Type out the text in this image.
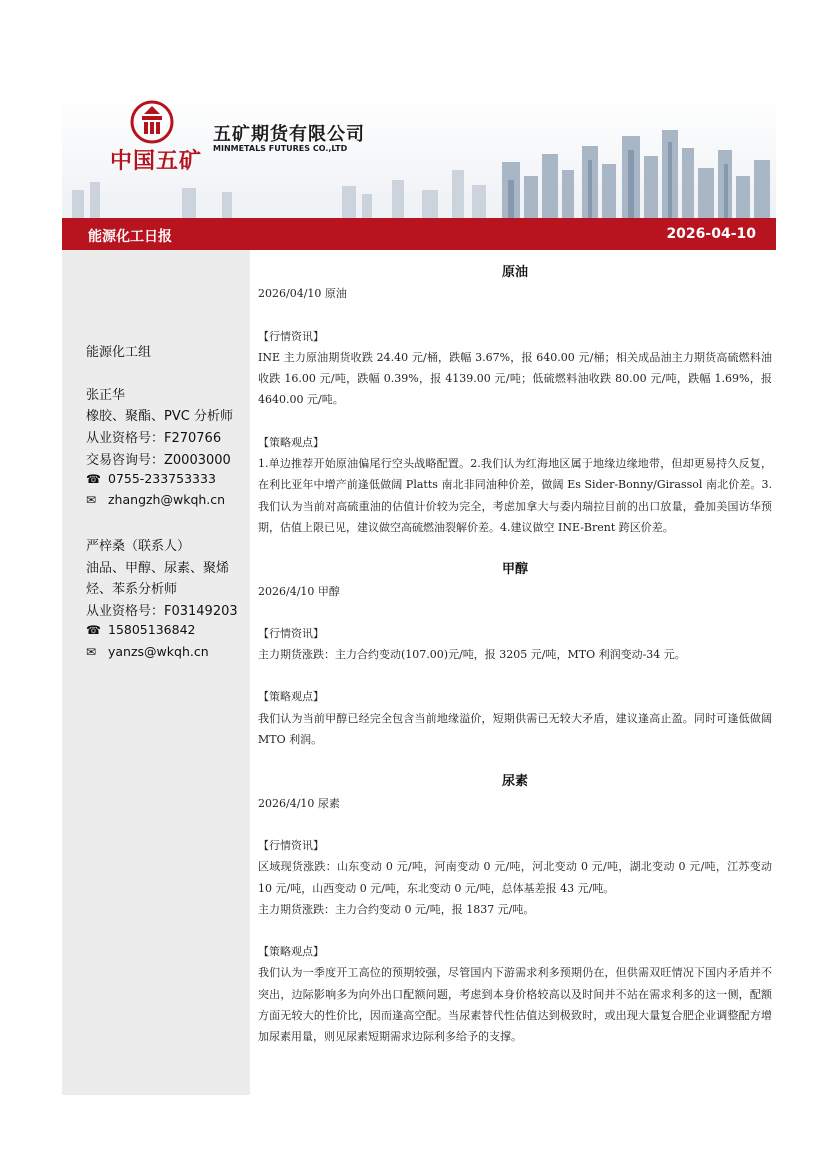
中国五矿
五矿期货有限公司
MINMETALS FUTURES CO.,LTD
能源化工日报	2026-04-10
能源化工组
张正华
橡胶、聚酯、PVC 分析师
从业资格号：F270766
交易咨询号：Z0003000
☎ 0755-233753333
✉ zhangzh@wkqh.cn
严梓桑（联系人）
油品、甲醇、尿素、聚烯
烃、苯系分析师
从业资格号：F03149203
☎ 15805136842
✉ yanzs@wkqh.cn
原油
2026/04/10 原油
【行情资讯】
INE 主力原油期货收跌 24.40 元/桶，跌幅 3.67%，报 640.00 元/桶；相关成品油主力期货高硫燃料油收跌 16.00 元/吨，跌幅 0.39%，报 4139.00 元/吨；低硫燃料油收跌 80.00 元/吨，跌幅 1.69%，报 4640.00 元/吨。
【策略观点】
1.单边推荐开始原油偏尾行空头战略配置。2.我们认为红海地区属于地缘边缘地带，但却更易持久反复，在利比亚年中增产前逢低做阔 Platts 南北非同油种价差，做阔 Es Sider-Bonny/Girassol 南北价差。3.我们认为当前对高硫重油的估值计价较为完全，考虑加拿大与委内瑞拉目前的出口放量，叠加美国访华预期，估值上限已见，建议做空高硫燃油裂解价差。4.建议做空 INE-Brent 跨区价差。
甲醇
2026/4/10 甲醇
【行情资讯】
主力期货涨跌：主力合约变动(107.00)元/吨，报 3205 元/吨，MTO 利润变动-34 元。
【策略观点】
我们认为当前甲醇已经完全包含当前地缘溢价，短期供需已无较大矛盾，建议逢高止盈。同时可逢低做阔 MTO 利润。
尿素
2026/4/10 尿素
【行情资讯】
区域现货涨跌：山东变动 0 元/吨，河南变动 0 元/吨，河北变动 0 元/吨，湖北变动 0 元/吨，江苏变动 10 元/吨，山西变动 0 元/吨，东北变动 0 元/吨，总体基差报 43 元/吨。
主力期货涨跌：主力合约变动 0 元/吨，报 1837 元/吨。
【策略观点】
我们认为一季度开工高位的预期较强，尽管国内下游需求利多预期仍在，但供需双旺情况下国内矛盾并不突出，边际影响多为向外出口配额问题，考虑到本身价格较高以及时间并不站在需求利多的这一侧，配额方面无较大的性价比，因而逢高空配。当尿素替代性估值达到极致时，或出现大量复合肥企业调整配方增加尿素用量，则见尿素短期需求边际利多给予的支撑。
